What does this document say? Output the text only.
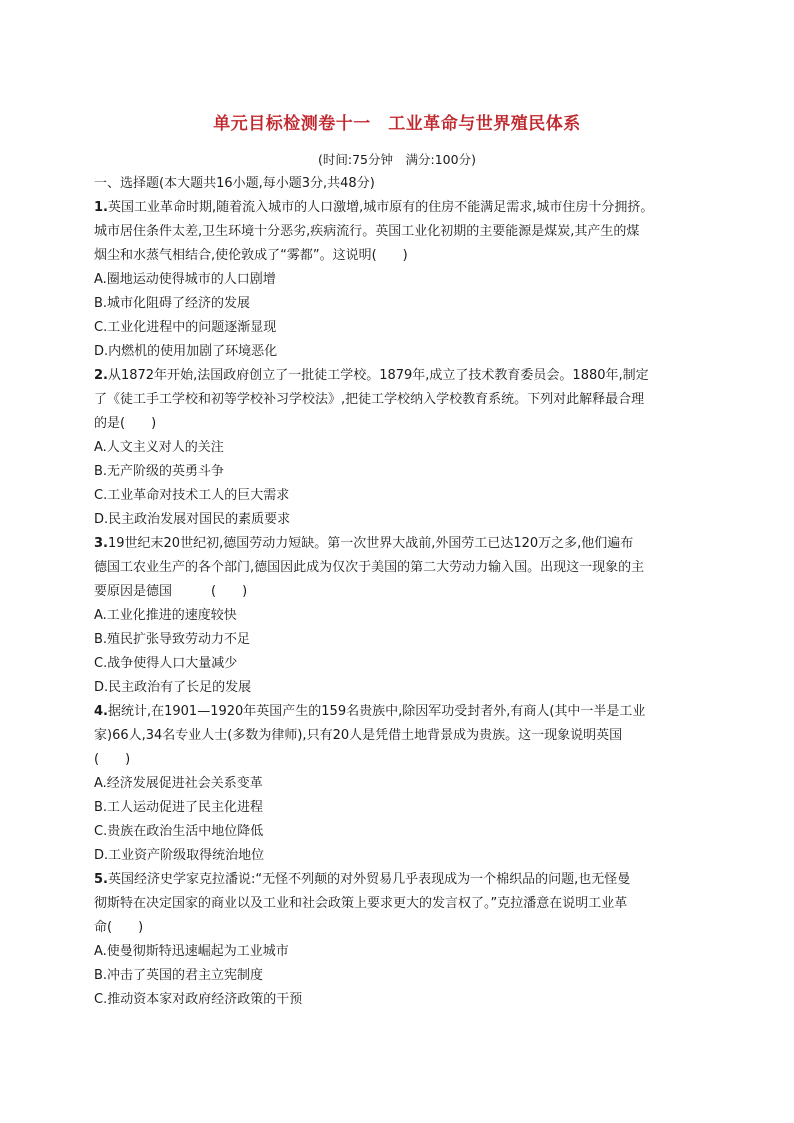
单元目标检测卷十一　工业革命与世界殖民体系
(时间:75分钟　满分:100分)
一、选择题(本大题共16小题,每小题3分,共48分)
1.英国工业革命时期,随着流入城市的人口激增,城市原有的住房不能满足需求,城市住房十分拥挤。
城市居住条件太差,卫生环境十分恶劣,疾病流行。英国工业化初期的主要能源是煤炭,其产生的煤
烟尘和水蒸气相结合,使伦敦成了“雾都”。这说明(　　)
A.圈地运动使得城市的人口剧增
B.城市化阻碍了经济的发展
C.工业化进程中的问题逐渐显现
D.内燃机的使用加剧了环境恶化
2.从1872年开始,法国政府创立了一批徒工学校。1879年,成立了技术教育委员会。1880年,制定
了《徒工手工学校和初等学校补习学校法》,把徒工学校纳入学校教育系统。下列对此解释最合理
的是(　　)
A.人文主义对人的关注
B.无产阶级的英勇斗争
C.工业革命对技术工人的巨大需求
D.民主政治发展对国民的素质要求
3.19世纪末20世纪初,德国劳动力短缺。第一次世界大战前,外国劳工已达120万之多,他们遍布
德国工农业生产的各个部门,德国因此成为仅次于美国的第二大劳动力输入国。出现这一现象的主
要原因是德国　　　(　　)
A.工业化推进的速度较快
B.殖民扩张导致劳动力不足
C.战争使得人口大量减少
D.民主政治有了长足的发展
4.据统计,在1901—1920年英国产生的159名贵族中,除因军功受封者外,有商人(其中一半是工业
家)66人,34名专业人士(多数为律师),只有20人是凭借土地背景成为贵族。这一现象说明英国
(　　)
A.经济发展促进社会关系变革
B.工人运动促进了民主化进程
C.贵族在政治生活中地位降低
D.工业资产阶级取得统治地位
5.英国经济史学家克拉潘说:“无怪不列颠的对外贸易几乎表现成为一个棉织品的问题,也无怪曼
彻斯特在决定国家的商业以及工业和社会政策上要求更大的发言权了。”克拉潘意在说明工业革
命(　　)
A.使曼彻斯特迅速崛起为工业城市
B.冲击了英国的君主立宪制度
C.推动资本家对政府经济政策的干预
